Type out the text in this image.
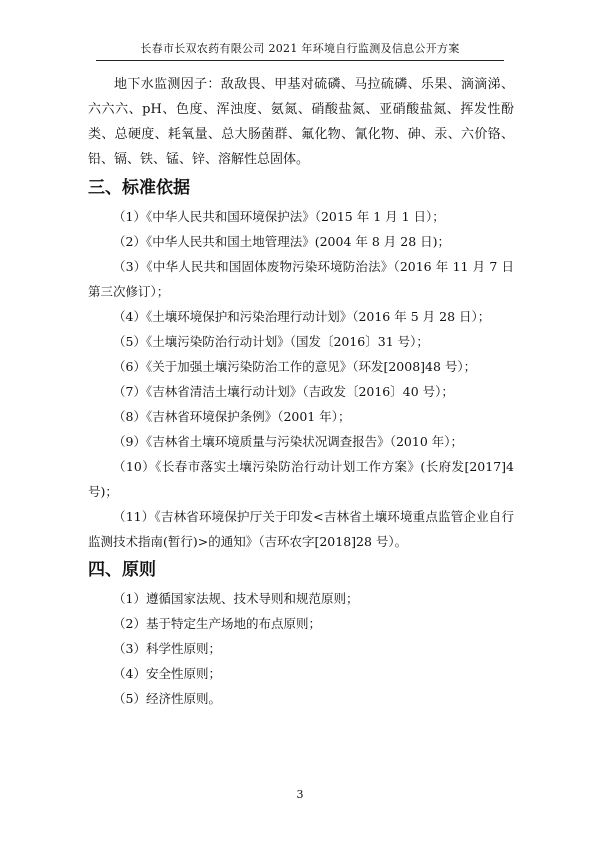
长春市长双农药有限公司 2021 年环境自行监测及信息公开方案

地下水监测因子：敌敌畏、甲基对硫磷、马拉硫磷、乐果、滴滴涕、六六六、pH、色度、浑浊度、氨氮、硝酸盐氮、亚硝酸盐氮、挥发性酚类、总硬度、耗氧量、总大肠菌群、氟化物、氰化物、砷、汞、六价铬、铅、镉、铁、锰、锌、溶解性总固体。

三、标准依据

（1）《中华人民共和国环境保护法》（2015 年 1 月 1 日）；

（2）《中华人民共和国土地管理法》(2004 年 8 月 28 日)；

（3）《中华人民共和国固体废物污染环境防治法》（2016 年 11 月 7 日第三次修订）；

（4）《土壤环境保护和污染治理行动计划》（2016 年 5 月 28 日）；

（5）《土壤污染防治行动计划》（国发〔2016〕31 号）；

（6）《关于加强土壤污染防治工作的意见》（环发[2008]48 号）；

（7）《吉林省清洁土壤行动计划》（吉政发〔2016〕40 号）；

（8）《吉林省环境保护条例》（2001 年）；

（9）《吉林省土壤环境质量与污染状况调查报告》（2010 年）；

（10）《长春市落实土壤污染防治行动计划工作方案》(长府发[2017]4 号)；

（11）《吉林省环境保护厅关于印发<吉林省土壤环境重点监管企业自行监测技术指南(暂行)>的通知》（吉环农字[2018]28 号）。

四、原则

（1）遵循国家法规、技术导则和规范原则；

（2）基于特定生产场地的布点原则；

（3）科学性原则；

（4）安全性原则；

（5）经济性原则。

3
